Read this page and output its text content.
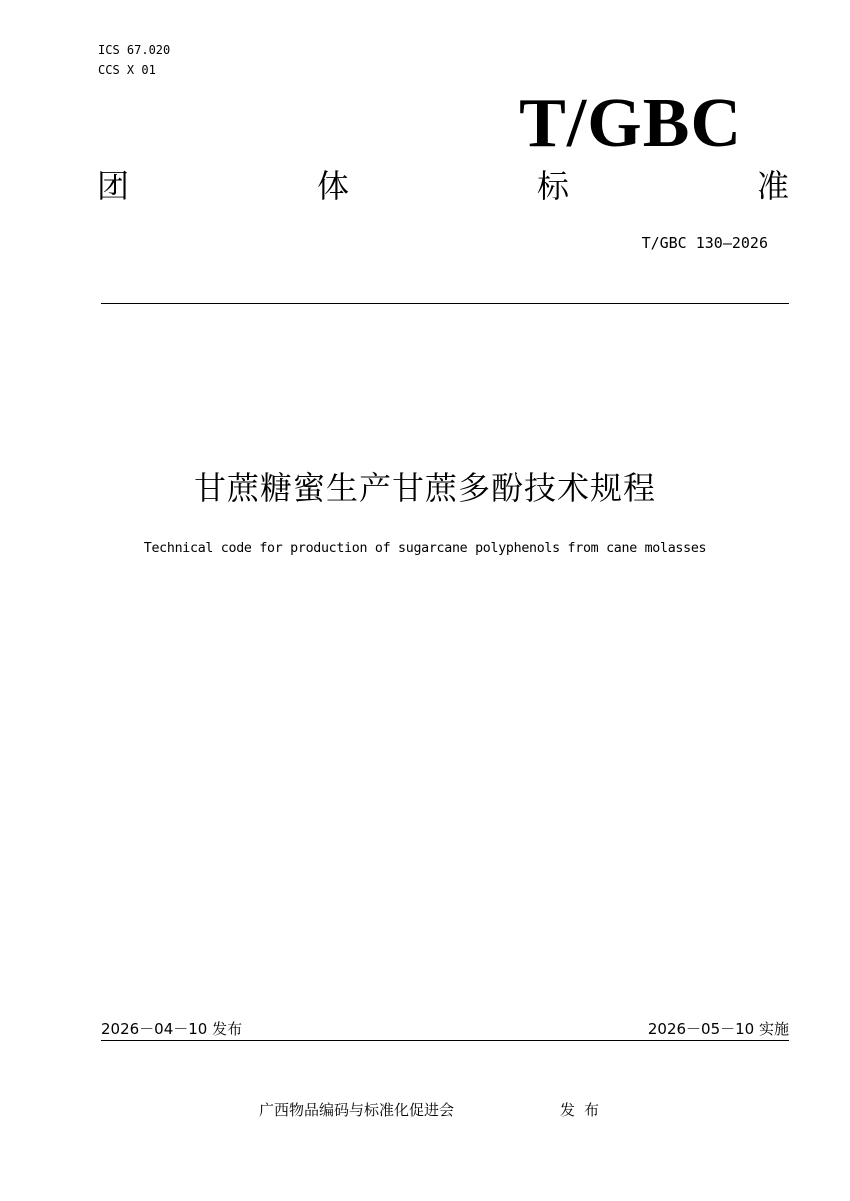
ICS 67.020
CCS X 01
T/GBC
团	体	标	准
T/GBC 130—2026
甘蔗糖蜜生产甘蔗多酚技术规程
Technical code for production of sugarcane polyphenols from cane molasses
2026－04－10 发布	2026－05－10 实施
广西物品编码与标准化促进会	发布
